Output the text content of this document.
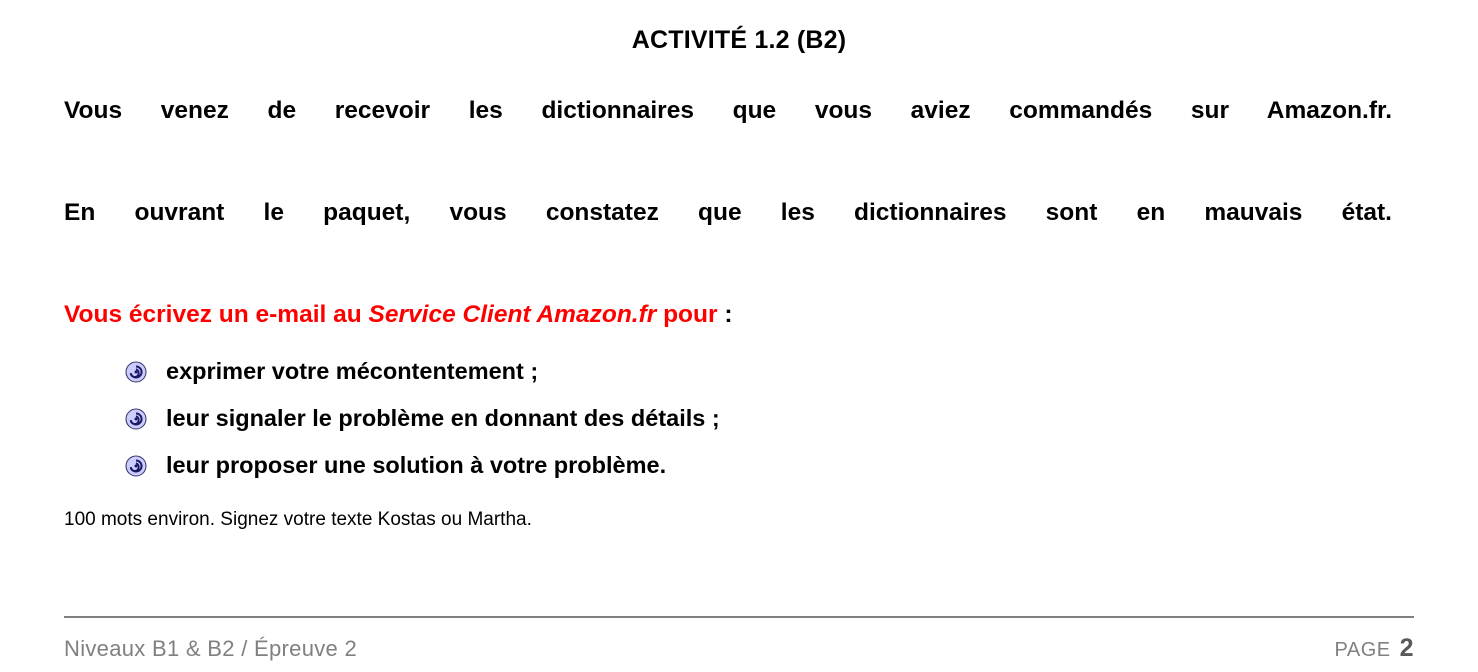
ACTIVITÉ 1.2 (B2)
Vous venez de recevoir les dictionnaires que vous aviez commandés sur Amazon.fr.
En ouvrant le paquet, vous constatez que les dictionnaires sont en mauvais état.
Vous écrivez un e-mail au Service Client Amazon.fr pour :
exprimer votre mécontentement ;
leur signaler le problème en donnant des détails ;
leur proposer une solution à votre problème.

100 mots environ. Signez votre texte Kostas ou Martha.

Niveaux B1 & B2 / Épreuve 2	PAGE 2
